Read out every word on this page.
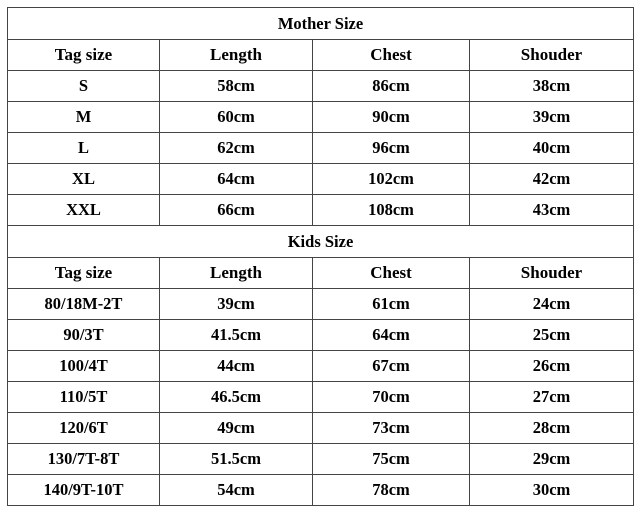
Mother Size			
Tag size	Length	Chest	Shouder
S	58cm	86cm	38cm
M	60cm	90cm	39cm
L	62cm	96cm	40cm
XL	64cm	102cm	42cm
XXL	66cm	108cm	43cm
Kids Size			
Tag size	Length	Chest	Shouder
80/18M-2T	39cm	61cm	24cm
90/3T	41.5cm	64cm	25cm
100/4T	44cm	67cm	26cm
110/5T	46.5cm	70cm	27cm
120/6T	49cm	73cm	28cm
130/7T-8T	51.5cm	75cm	29cm
140/9T-10T	54cm	78cm	30cm
